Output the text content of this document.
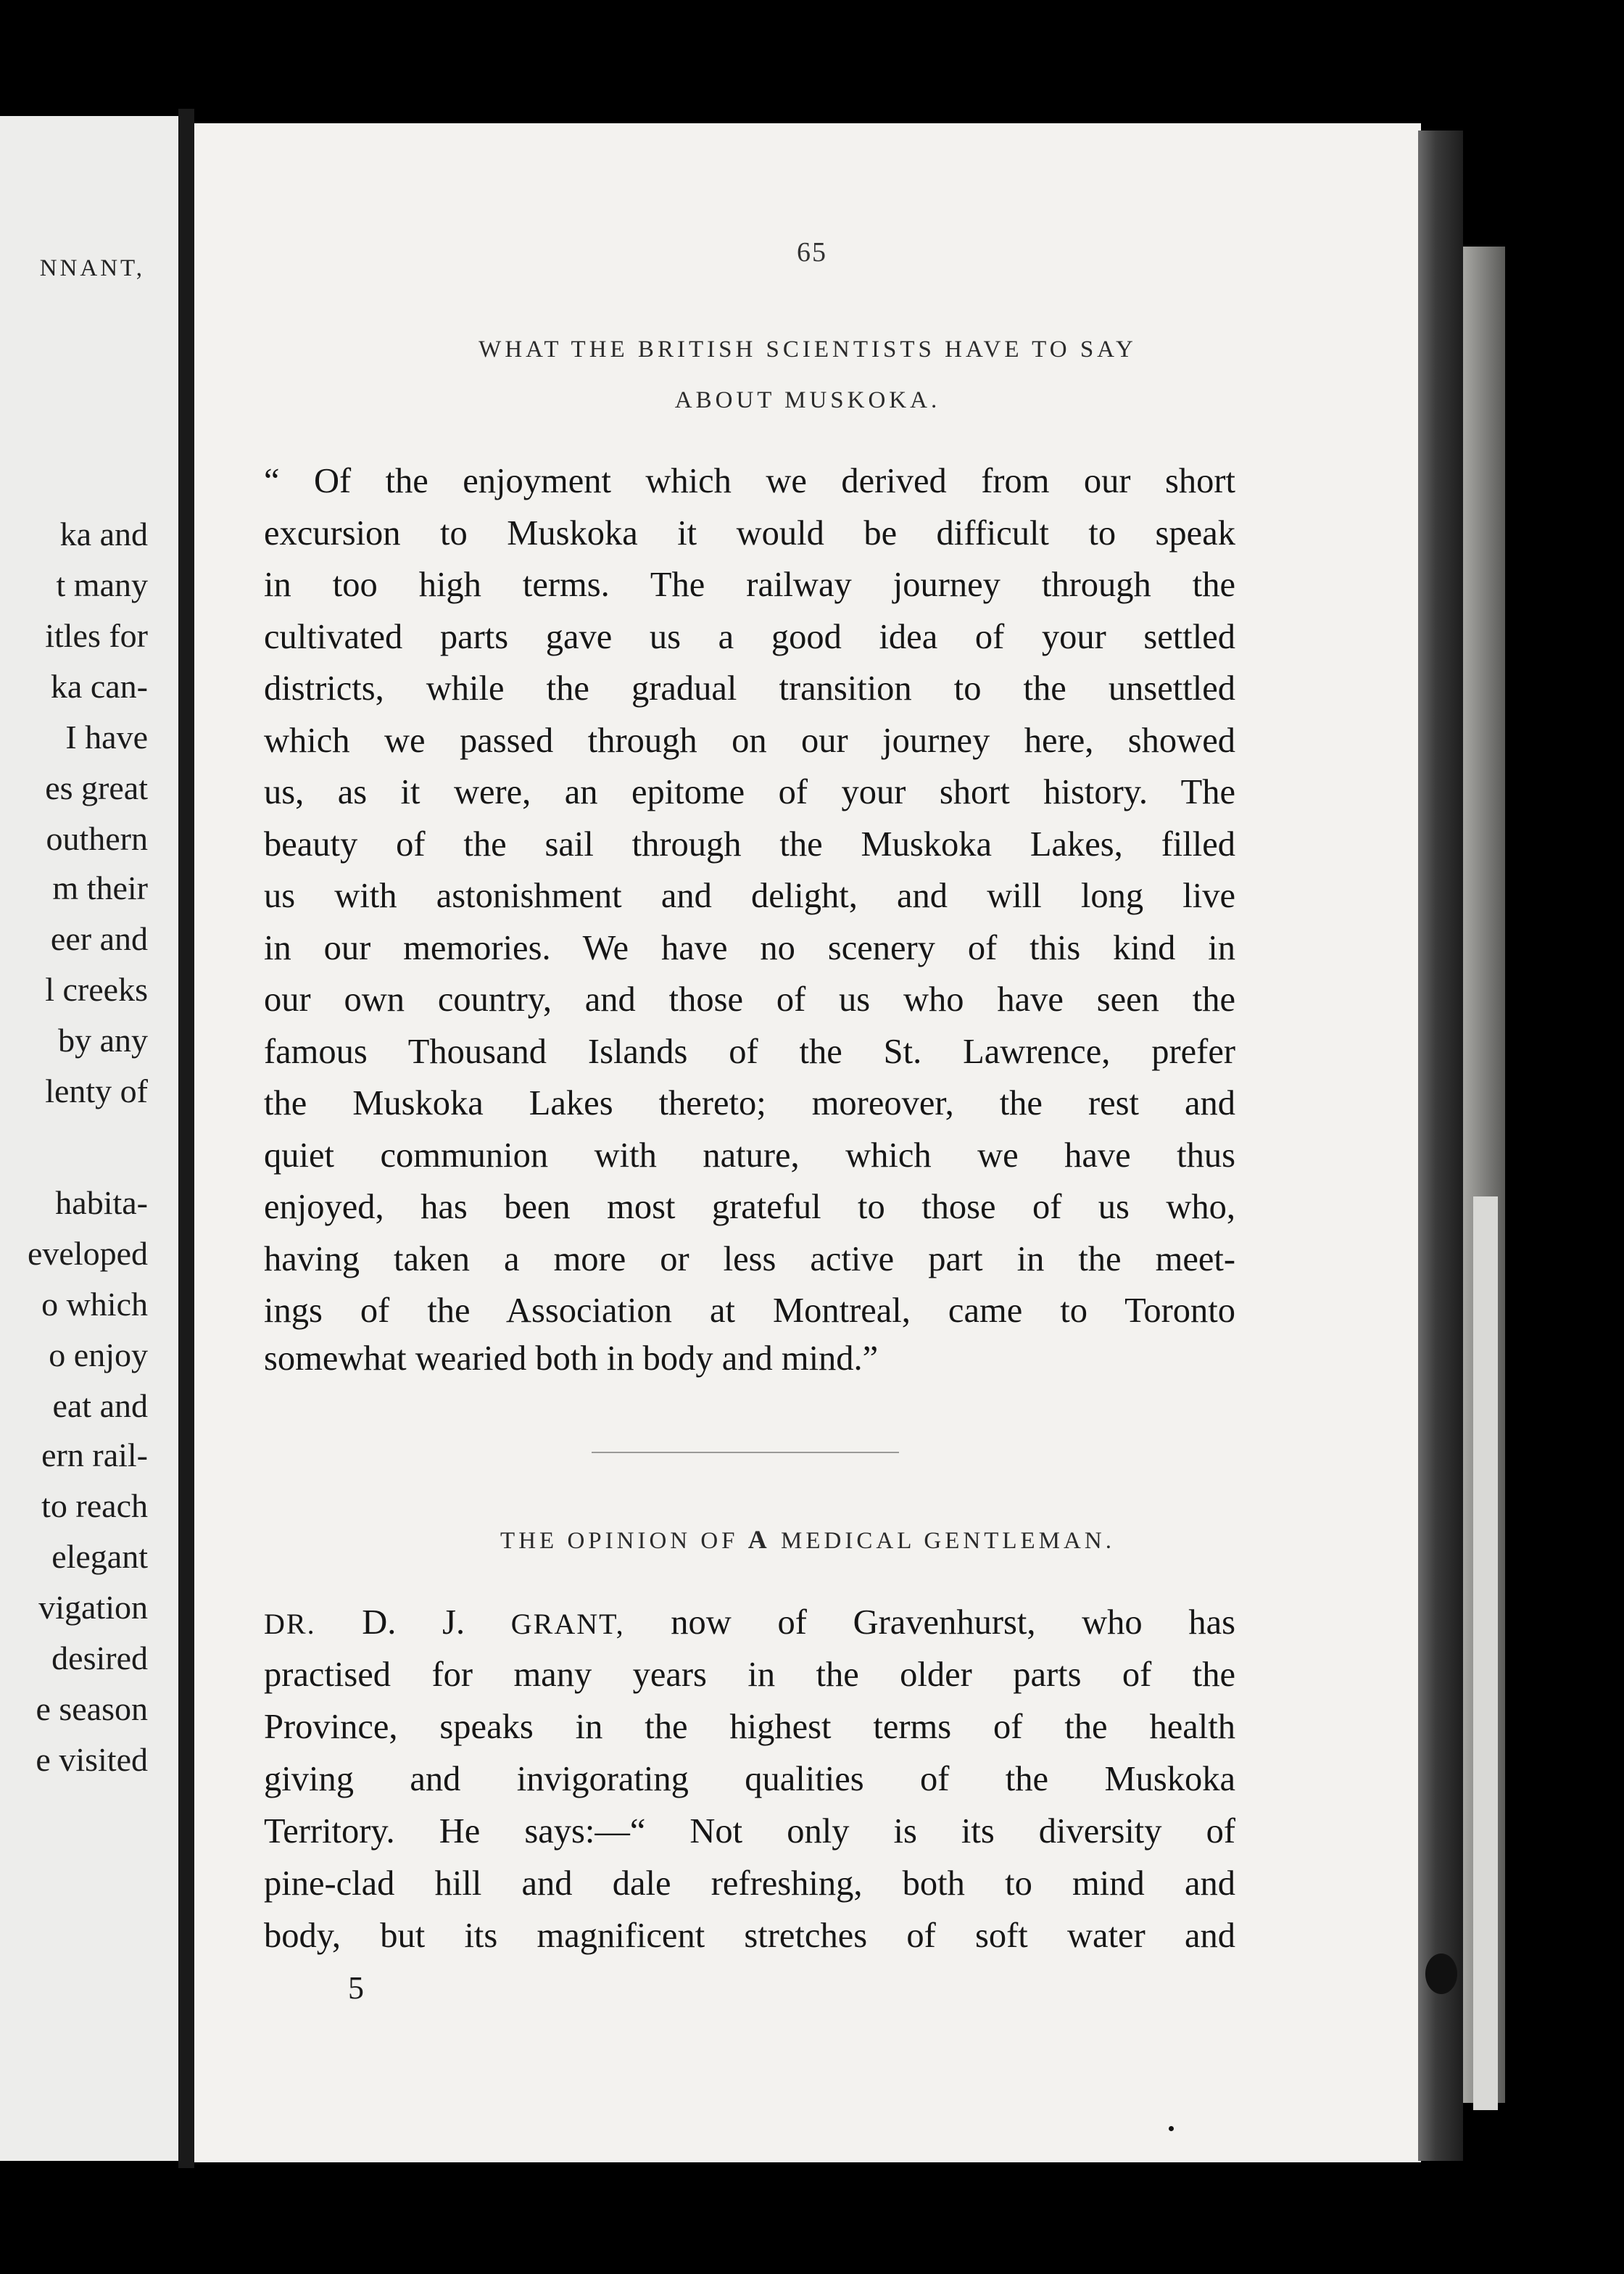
NNANT,
ka and
t many
itles for
ka can-
I have
es great
outhern
m their
eer and
l creeks
by any
lenty of
habita-
eveloped
o which
o enjoy
eat and
ern rail-
to reach
elegant
vigation
desired
e season
e visited
65
WHAT THE BRITISH SCIENTISTS HAVE TO SAY
ABOUT MUSKOKA.
“ Of the enjoyment which we derived from our short
excursion to Muskoka it would be difficult to speak
in too high terms. The railway journey through the
cultivated parts gave us a good idea of your settled
districts, while the gradual transition to the unsettled
which we passed through on our journey here, showed
us, as it were, an epitome of your short history. The
beauty of the sail through the Muskoka Lakes, filled
us with astonishment and delight, and will long live
in our memories. We have no scenery of this kind in
our own country, and those of us who have seen the
famous Thousand Islands of the St. Lawrence, prefer
the Muskoka Lakes thereto; moreover, the rest and
quiet communion with nature, which we have thus
enjoyed, has been most grateful to those of us who,
having taken a more or less active part in the meet-
ings of the Association at Montreal, came to Toronto
somewhat wearied both in body and mind.”
THE OPINION OF A MEDICAL GENTLEMAN.
DR. D. J. GRANT, now of Gravenhurst, who has
practised for many years in the older parts of the
Province, speaks in the highest terms of the health
giving and invigorating qualities of the Muskoka
Territory. He says:—“ Not only is its diversity of
pine-clad hill and dale refreshing, both to mind and
body, but its magnificent stretches of soft water and
5
